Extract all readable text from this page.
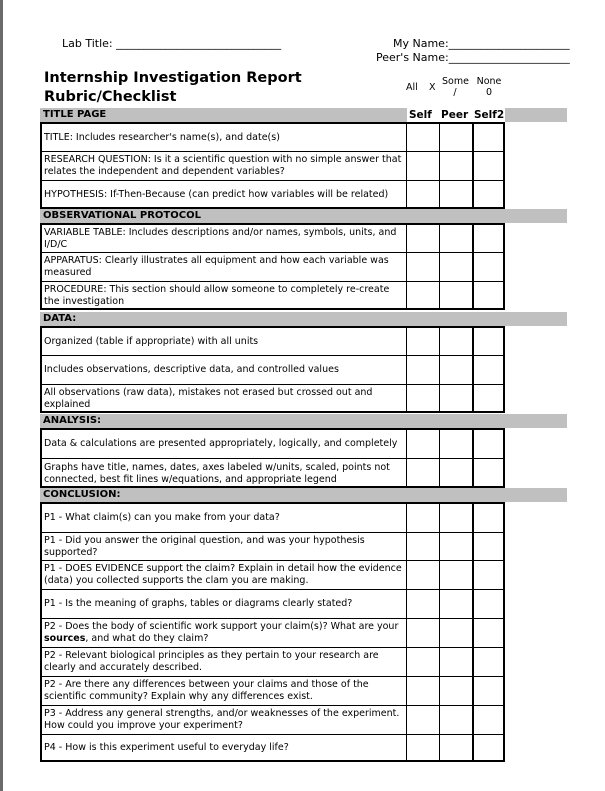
Lab Title: ______________________________	My Name:______________________
Peer's Name:______________________
Internship Investigation Report
Rubric/Checklist
All X
Some
/
None
0
Self Peer Self2
TITLE PAGE
TITLE: Includes researcher's name(s), and date(s)
RESEARCH QUESTION: Is it a scientific question with no simple answer that relates the independent and dependent variables?
HYPOTHESIS: If-Then-Because (can predict how variables will be related)
OBSERVATIONAL PROTOCOL
VARIABLE TABLE: Includes descriptions and/or names, symbols, units, and I/D/C
APPARATUS: Clearly illustrates all equipment and how each variable was measured
PROCEDURE: This section should allow someone to completely re-create the investigation
DATA:
Organized (table if appropriate) with all units
Includes observations, descriptive data, and controlled values
All observations (raw data), mistakes not erased but crossed out and explained
ANALYSIS:
Data & calculations are presented appropriately, logically, and completely
Graphs have title, names, dates, axes labeled w/units, scaled, points not connected, best fit lines w/equations, and appropriate legend
CONCLUSION:
P1 - What claim(s) can you make from your data?
P1 - Did you answer the original question, and was your hypothesis supported?
P1 - DOES EVIDENCE support the claim? Explain in detail how the evidence (data) you collected supports the clam you are making.
P1 - Is the meaning of graphs, tables or diagrams clearly stated?
P2 - Does the body of scientific work support your claim(s)? What are your sources, and what do they claim?
P2 - Relevant biological principles as they pertain to your research are clearly and accurately described.
P2 - Are there any differences between your claims and those of the scientific community? Explain why any differences exist.
P3 - Address any general strengths, and/or weaknesses of the experiment. How could you improve your experiment?
P4 - How is this experiment useful to everyday life?
